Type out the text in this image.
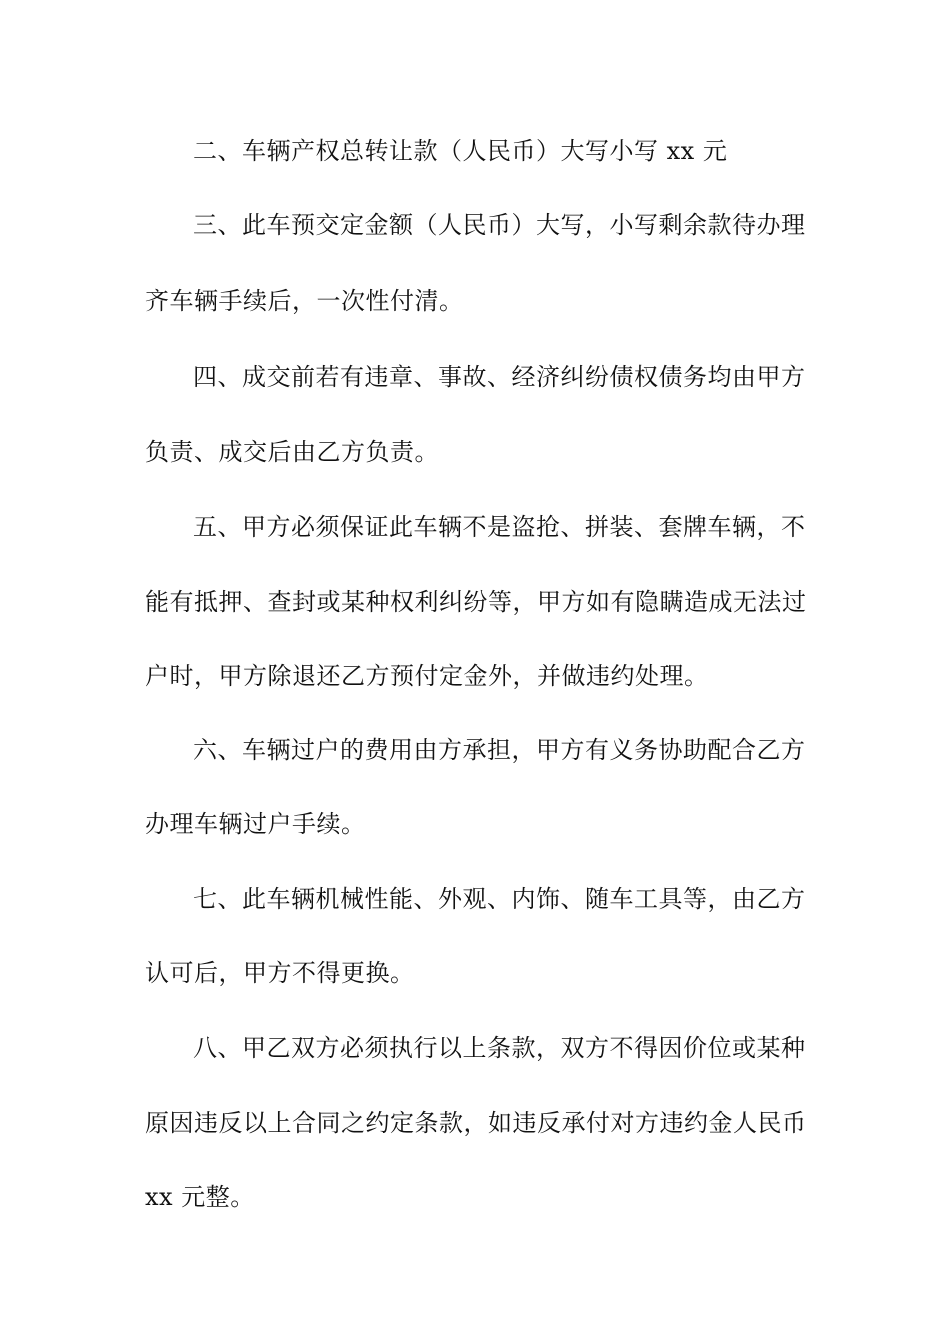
二、车辆产权总转让款（人民币）大写小写 xx 元
三、此车预交定金额（人民币）大写，小写剩余款待办理
齐车辆手续后，一次性付清。
四、成交前若有违章、事故、经济纠纷债权债务均由甲方
负责、成交后由乙方负责。
五、甲方必须保证此车辆不是盗抢、拼装、套牌车辆，不
能有抵押、查封或某种权利纠纷等，甲方如有隐瞒造成无法过
户时，甲方除退还乙方预付定金外，并做违约处理。
六、车辆过户的费用由方承担，甲方有义务协助配合乙方
办理车辆过户手续。
七、此车辆机械性能、外观、内饰、随车工具等，由乙方
认可后，甲方不得更换。
八、甲乙双方必须执行以上条款，双方不得因价位或某种
原因违反以上合同之约定条款，如违反承付对方违约金人民币
xx 元整。
